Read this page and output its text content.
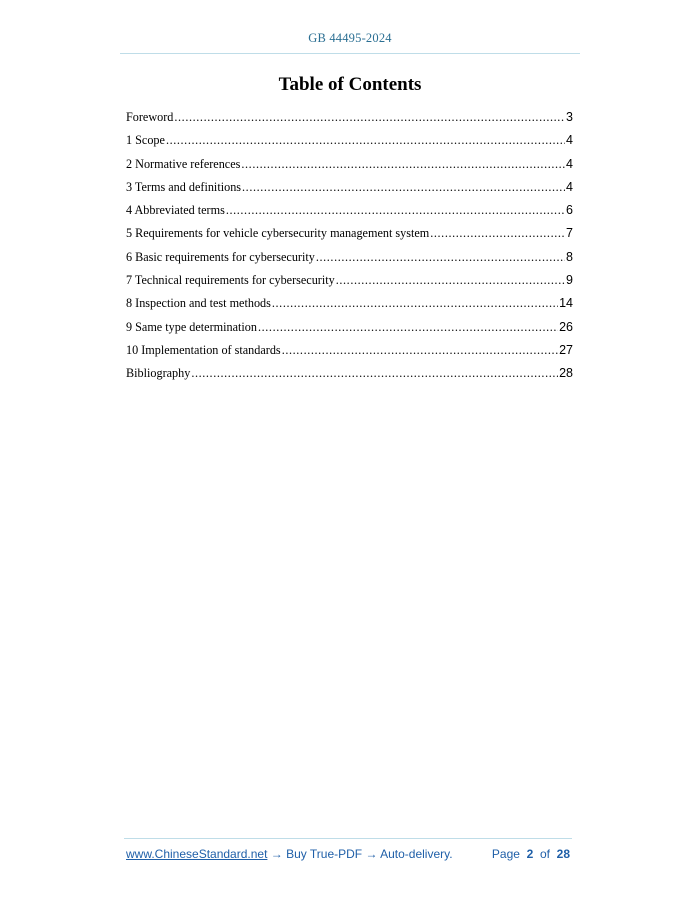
GB 44495-2024
Table of Contents
Foreword .....	3
1 Scope .....	4
2 Normative references .....	4
3 Terms and definitions .....	4
4 Abbreviated terms .....	6
5 Requirements for vehicle cybersecurity management system .....	7
6 Basic requirements for cybersecurity .....	8
7 Technical requirements for cybersecurity .....	9
8 Inspection and test methods .....	14
9 Same type determination .....	26
10 Implementation of standards .....	27
Bibliography .....	28
www.ChineseStandard.net → Buy True-PDF → Auto-delivery.	Page 2 of 28
